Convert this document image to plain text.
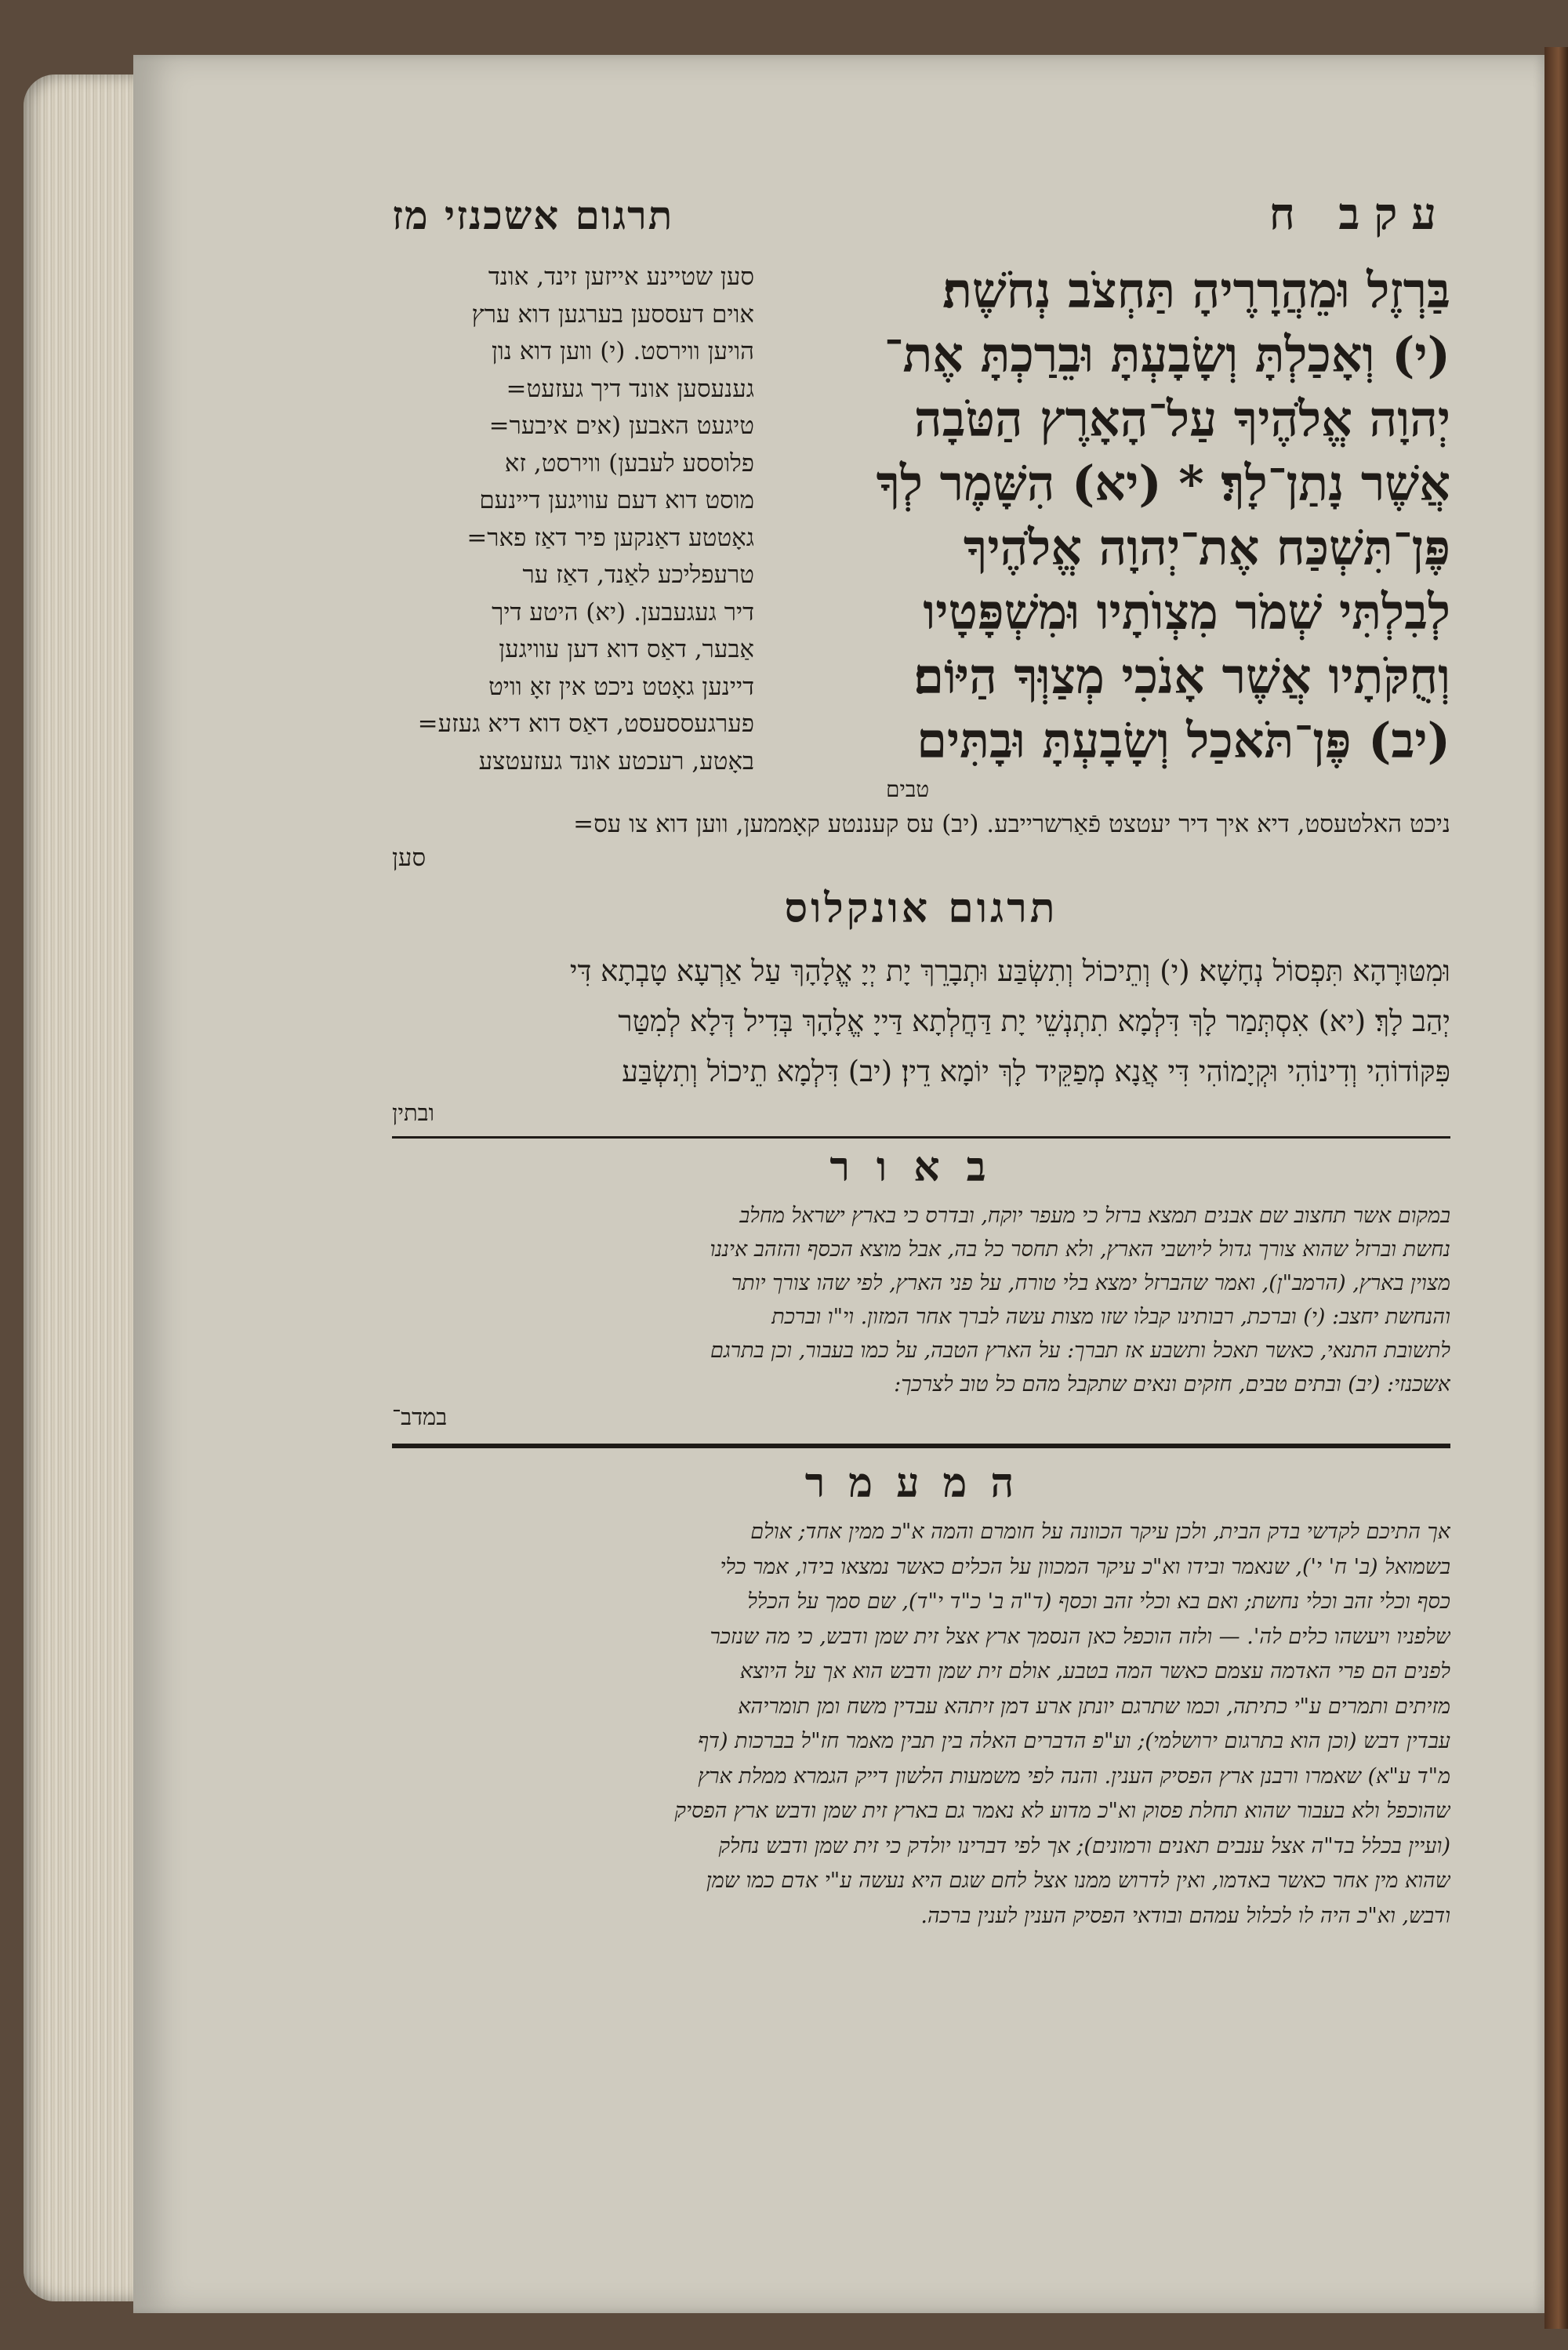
עקב ח
תרגום אשכנזי מז
בַּרְזֶל וּמֵהֲרָרֶיהָ תַּחְצֹב נְחֹשֶׁת׃
(י) וְאָכַלְתָּ וְשָׂבָעְתָּ וּבֵרַכְתָּ אֶת־
יְהוָה אֱלֹהֶיךָ עַל־הָאָרֶץ הַטֹּבָה
אֲשֶׁר נָתַן־לָךְ׃ * (יא) הִשָּׁמֶר לְךָ
פֶּן־תִּשְׁכַּח אֶת־יְהוָה אֱלֹהֶיךָ
לְבִלְתִּי שְׁמֹר מִצְוֺתָיו וּמִשְׁפָּטָיו
וְחֻקֹּתָיו אֲשֶׁר אָנֹכִי מְצַוְּךָ הַיּוֹם׃
(יב) פֶּן־תֹּאכַל וְשָׂבָעְתָּ וּבָתִּים
טבים
סען שטיינע אייזען זינד, אונד
אוים דעססען בערגען דוא ערץ
הויען ווירסט. (י) ווען דוא נון
גענעסען אונד דיך געזעט=
טיגעט האבען (אים איבער=
פלוססע לעבען) ווירסט, זא
מוסט דוא דעם עוויגען דיינעם
גאָטטע דאַנקען פיר דאַז פאר=
טרעפליכע לאַנד, דאַז ער
דיר געגעבען. (יא) היטע דיך
אַבער, דאַס דוא דען עוויגען
דיינען גאָטט ניכט אין זאָ וויט
פערגעססעסט, דאַס דוא דיא געזע=
באָטע, רעכטע אונד געזעטצע
ניכט האלטעסט, דיא איך דיר יעטצט פֿאַרשרייבע. (יב) עס קעננטע קאָממען, ווען דוא צו עס=
סען
תרגום אונקלוס
וּמִטּוּרָהָא תִּפְסוֹל נְחָשָׁא׃ (י) וְתֵיכוֹל וְתִשְׂבַּע וּתְבָרֵךְ יָת יְיָ אֱלָהָךְ עַל אַרְעָא טָבְתָא דִּי
יְהַב לָךְ׃ (יא) אִסְתְּמַר לָךְ דִּלְמָא תִתְנְשֵׁי יָת דַּחֲלְתָא דַּייָ אֱלָהָךְ בְּדִיל דְּלָא לְמִטַּר
פִּקּוֹדוֹהִי וְדִינוֹהִי וּקְיָמוֹהִי דִּי אֲנָא מְפַקֵּיד לָךְ יוֹמָא דֵין׃ (יב) דִּלְמָא תֵיכוֹל וְתִשְׂבַּע
ובתין
באור
במקום אשר תחצוב שם אבנים תמצא ברזל כי מעפר יוקח, ובדרס כי בארץ ישראל מחלב
נחשת וברזל שהוא צורך גדול ליושבי הארץ, ולא תחסר כל בה, אבל מוצא הכסף והזהב איננו
מצוין בארץ, (הרמב"ן), ואמר שהברזל ימצא בלי טורח, על פני הארץ, לפי שהו צורך יותר
והנחשת יחצב: (י) וברכת, רבותינו קבלו שזו מצות עשה לברך אחר המזון. וי"ו וברכת
לתשובת התנאי, כאשר תאכל ותשבע אז תברך: על הארץ הטבה, על כמו בעבור, וכן בתרגם
אשכנזי: (יב) ובתים טבים, חזקים ונאים שתקבל מהם כל טוב לצרכך:
במדב־
המעמר
אך התיכם לקדשי בדק הבית, ולכן עיקר הכוונה על חומרם והמה א"כ ממין אחד; אולם
בשמואל (ב' ח' י'), שנאמר ובידו וא"כ עיקר המכוון על הכלים כאשר נמצאו בידו, אמר כלי
כסף וכלי זהב וכלי נחשת; ואם בא וכלי זהב וכסף (ד"ה ב' כ"ד י"ד), שם סמך על הכלל
שלפניו ויעשהו כלים לה'. — ולזה הוכפל כאן הנסמך ארץ אצל זית שמן ודבש, כי מה שנזכר
לפנים הם פרי האדמה עצמם כאשר המה בטבע, אולם זית שמן ודבש הוא אך על היוצא
מזיתים ותמרים ע"י כתיתה, וכמו שתרגם יונתן ארע דמן זיתהא עבדין משח ומן תומריהא
עבדין דבש (וכן הוא בתרגום ירושלמי); וע"פ הדברים האלה בין תבין מאמר חז"ל בברכות (דף
מ"ד ע"א) שאמרו ורבנן ארץ הפסיק הענין. והנה לפי משמעות הלשון דייק הגמרא ממלת ארץ
שהוכפל ולא בעבור שהוא תחלת פסוק וא"כ מדוע לא נאמר גם בארץ זית שמן ודבש ארץ הפסיק
(ועיין בכלל בד"ה אצל ענבים תאנים ורמונים); אך לפי דברינו יולדק כי זית שמן ודבש נחלק
שהוא מין אחר כאשר באדמו, ואין לדרוש ממנו אצל לחם שגם היא נעשה ע"י אדם כמו שמן
ודבש, וא"כ היה לו לכלול עמהם ובודאי הפסיק הענין לענין ברכה.
